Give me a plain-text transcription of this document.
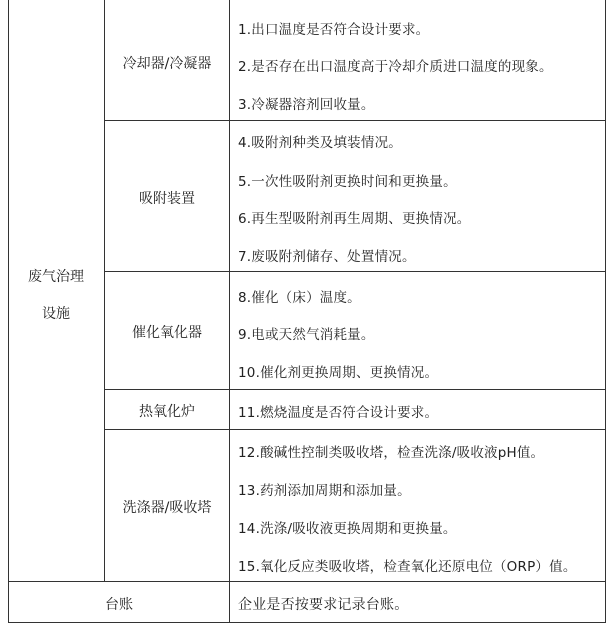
废气治理
设施
冷却器/冷凝器
吸附装置
催化氧化器
热氧化炉
洗涤器/吸收塔
1.出口温度是否符合设计要求。
2.是否存在出口温度高于冷却介质进口温度的现象。
3.冷凝器溶剂回收量。
4.吸附剂种类及填装情况。
5.一次性吸附剂更换时间和更换量。
6.再生型吸附剂再生周期、更换情况。
7.废吸附剂储存、处置情况。
8.催化（床）温度。
9.电或天然气消耗量。
10.催化剂更换周期、更换情况。
11.燃烧温度是否符合设计要求。
12.酸碱性控制类吸收塔，检查洗涤/吸收液pH值。
13.药剂添加周期和添加量。
14.洗涤/吸收液更换周期和更换量。
15.氧化反应类吸收塔，检查氧化还原电位（ORP）值。
台账	企业是否按要求记录台账。
